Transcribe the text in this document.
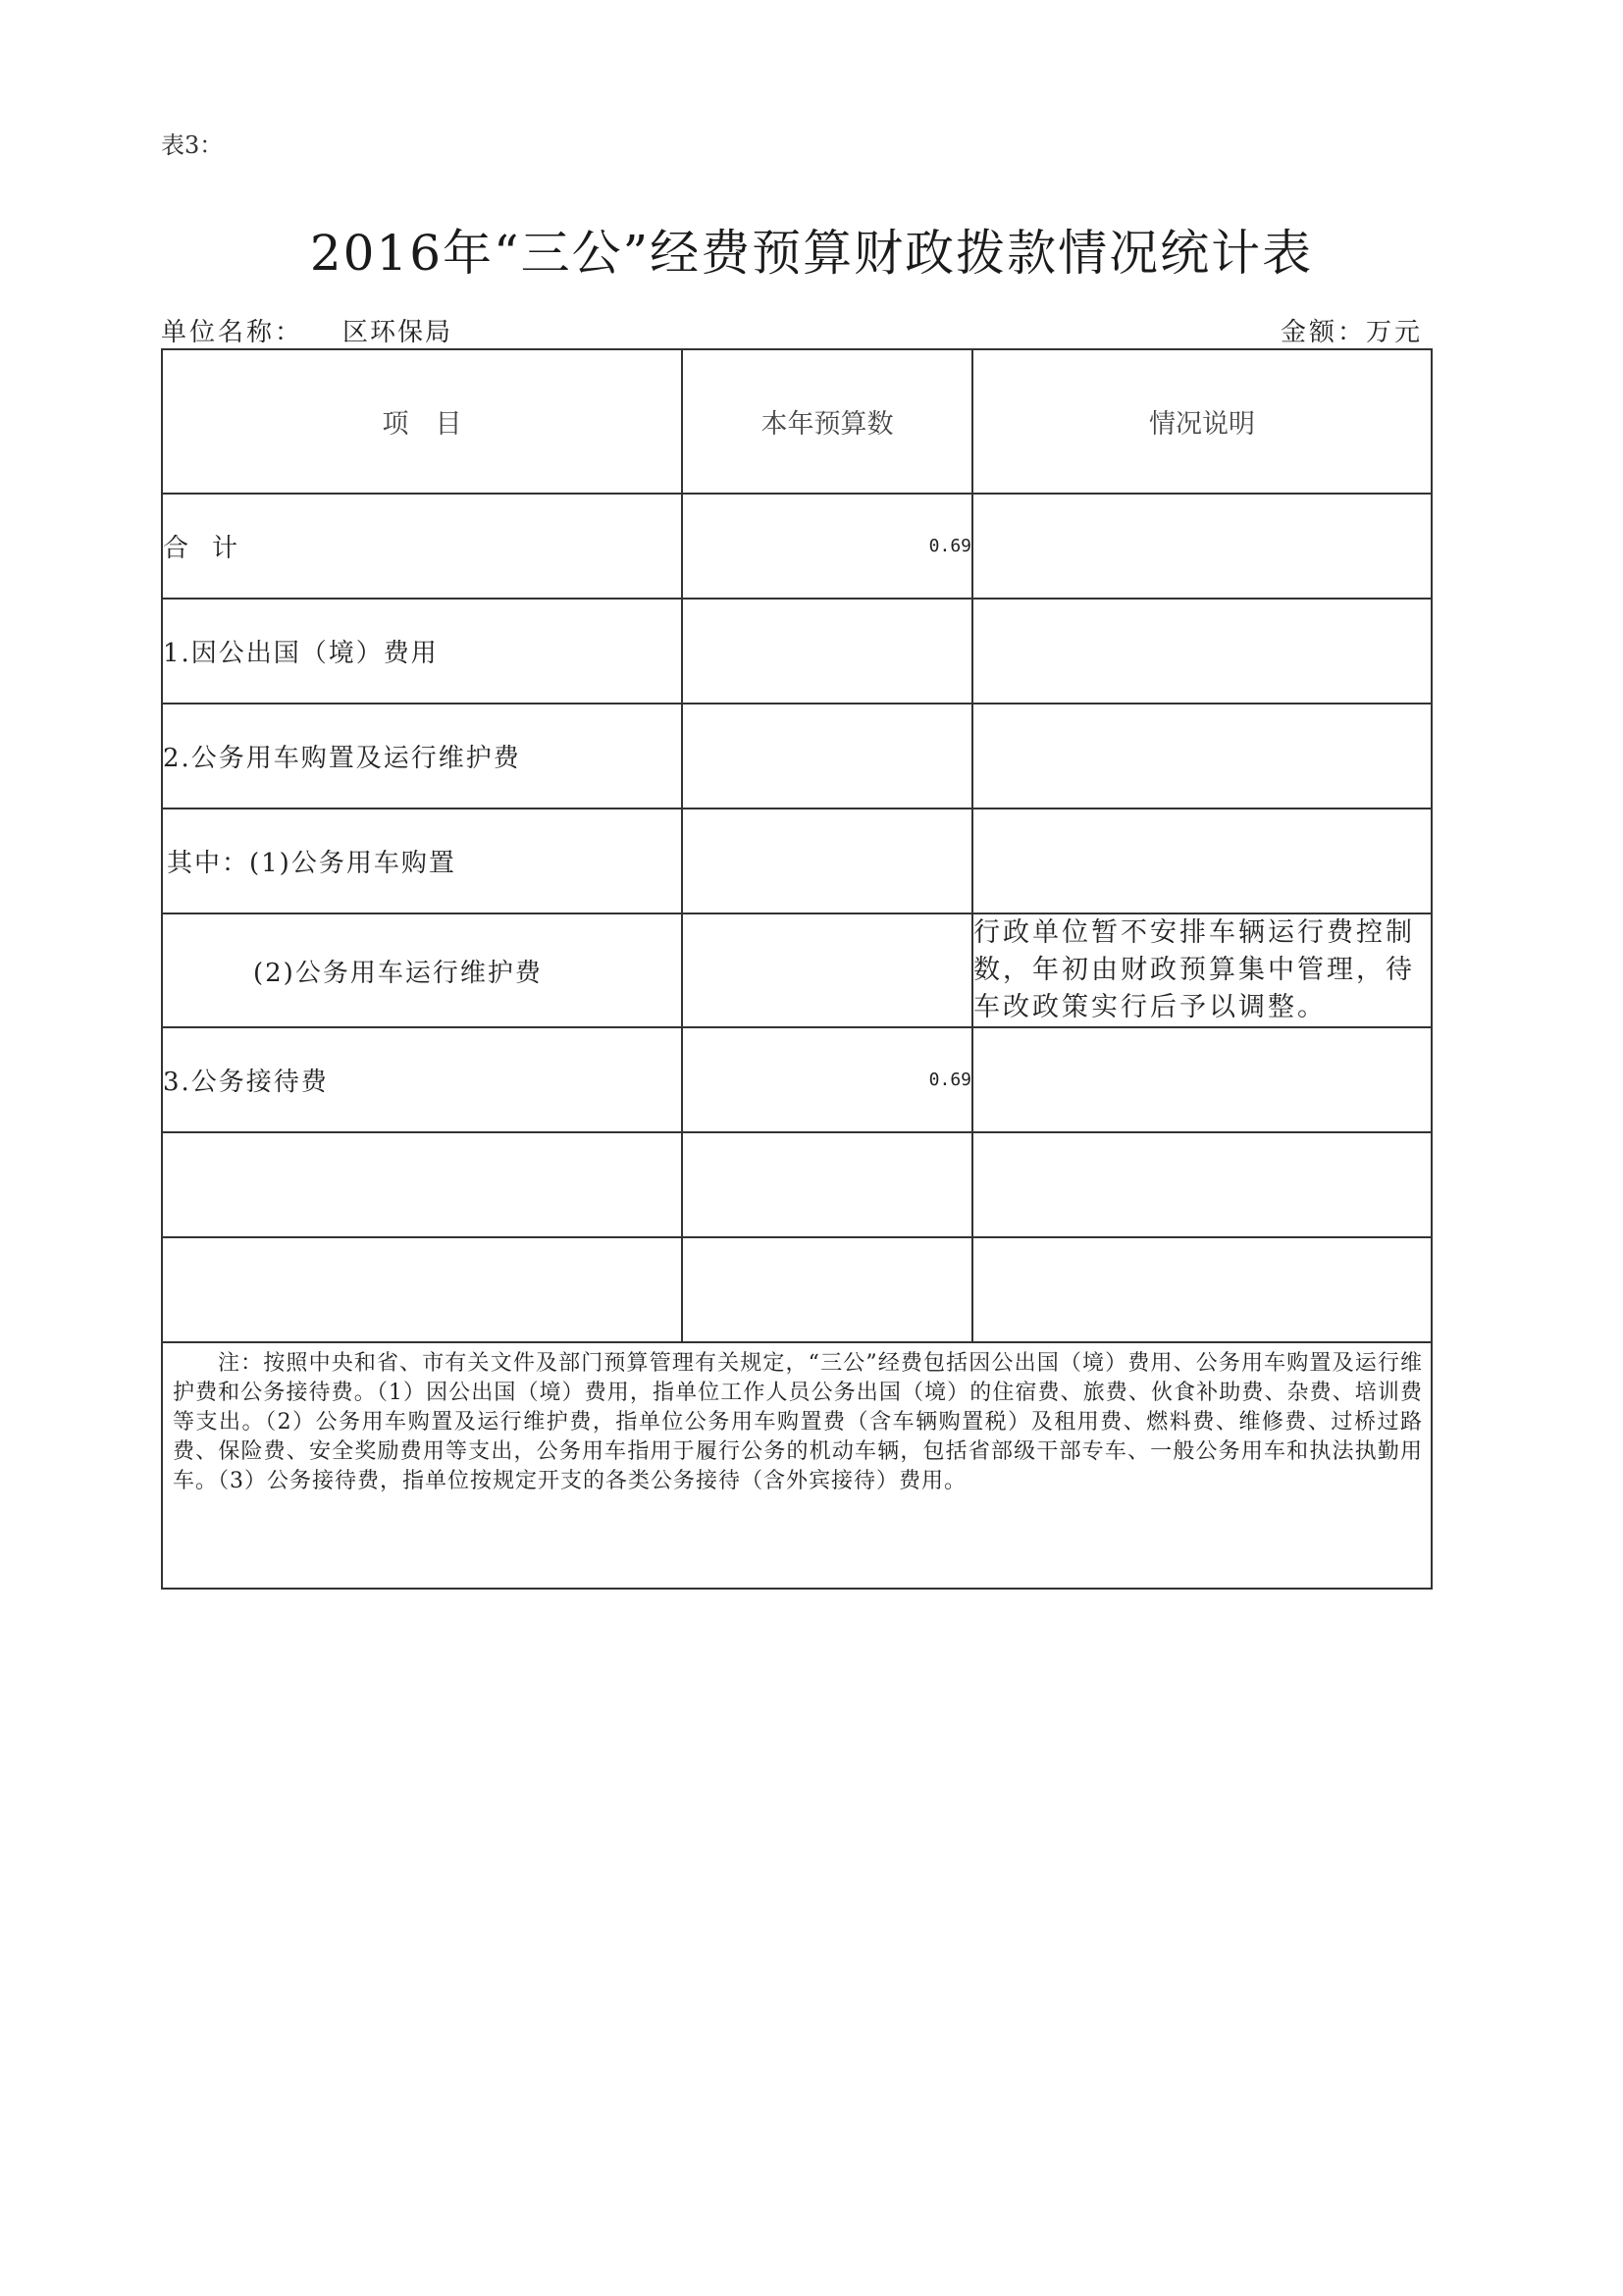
表3：
2016年“三公”经费预算财政拨款情况统计表
单位名称： 区环保局	金额：万元
项　目	本年预算数	情况说明
合计	0.69	
1.因公出国（境）费用		
2.公务用车购置及运行维护费		
其中：(1)公务用车购置		
(2)公务用车运行维护费		行政单位暂不安排车辆运行费控制数，年初由财政预算集中管理，待车改政策实行后予以调整。
3.公务接待费	0.69	

注：按照中央和省、市有关文件及部门预算管理有关规定，“三公”经费包括因公出国（境）费用、公务用车购置及运行维护费和公务接待费。（1）因公出国（境）费用，指单位工作人员公务出国（境）的住宿费、旅费、伙食补助费、杂费、培训费等支出。（2）公务用车购置及运行维护费，指单位公务用车购置费（含车辆购置税）及租用费、燃料费、维修费、过桥过路费、保险费、安全奖励费用等支出，公务用车指用于履行公务的机动车辆，包括省部级干部专车、一般公务用车和执法执勤用车。（3）公务接待费，指单位按规定开支的各类公务接待（含外宾接待）费用。		
